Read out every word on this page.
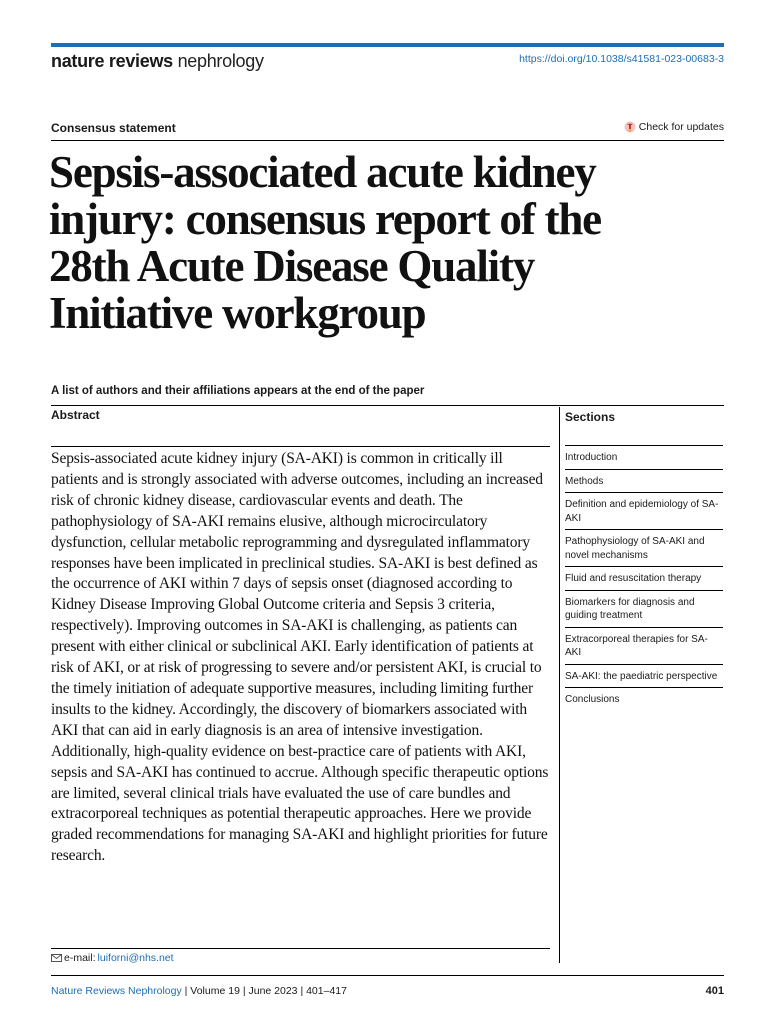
nature reviews nephrology	https://doi.org/10.1038/s41581-023-00683-3
Consensus statement	Check for updates
Sepsis-associated acute kidney injury: consensus report of the 28th Acute Disease Quality Initiative workgroup
A list of authors and their affiliations appears at the end of the paper
Abstract

Sepsis-associated acute kidney injury (SA-AKI) is common in critically ill patients and is strongly associated with adverse outcomes, including an increased risk of chronic kidney disease, cardiovascular events and death. The pathophysiology of SA-AKI remains elusive, although microcirculatory dysfunction, cellular metabolic reprogramming and dysregulated inflammatory responses have been implicated in preclinical studies. SA-AKI is best defined as the occurrence of AKI within 7 days of sepsis onset (diagnosed according to Kidney Disease Improving Global Outcome criteria and Sepsis 3 criteria, respectively). Improving outcomes in SA-AKI is challenging, as patients can present with either clinical or subclinical AKI. Early identification of patients at risk of AKI, or at risk of progressing to severe and/or persistent AKI, is crucial to the timely initiation of adequate supportive measures, including limiting further insults to the kidney. Accordingly, the discovery of biomarkers associated with AKI that can aid in early diagnosis is an area of intensive investigation. Additionally, high-quality evidence on best-practice care of patients with AKI, sepsis and SA-AKI has continued to accrue. Although specific therapeutic options are limited, several clinical trials have evaluated the use of care bundles and extracorporeal techniques as potential therapeutic approaches. Here we provide graded recommendations for managing SA-AKI and highlight priorities for future research.

e-mail: luiforni@nhs.net
Sections
Introduction
Methods
Definition and epidemiology of SA-AKI
Pathophysiology of SA-AKI and novel mechanisms
Fluid and resuscitation therapy
Biomarkers for diagnosis and guiding treatment
Extracorporeal therapies for SA-AKI
SA-AKI: the paediatric perspective
Conclusions
Nature Reviews Nephrology | Volume 19 | June 2023 | 401–417	401
